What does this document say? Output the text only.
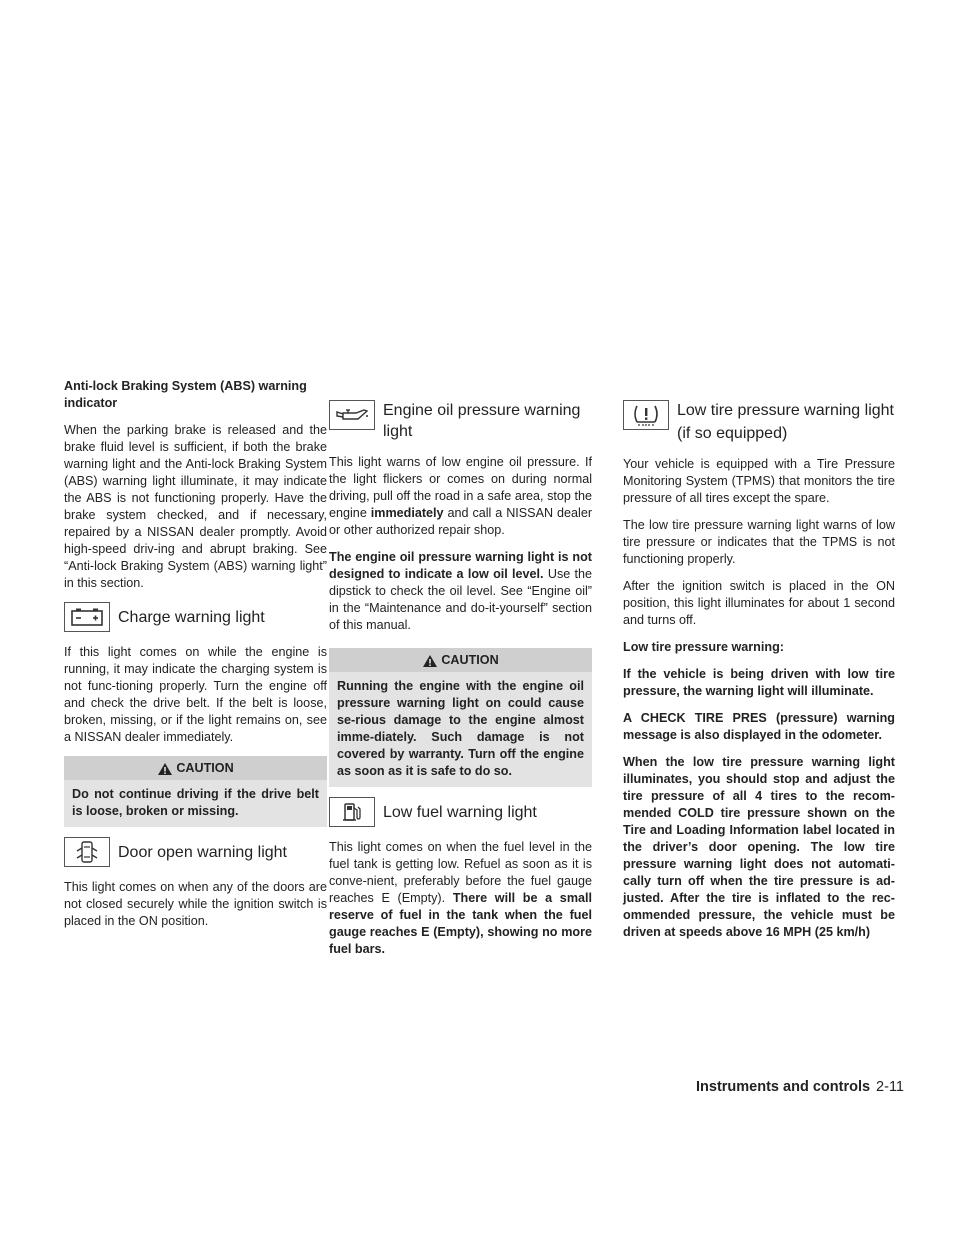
Anti-lock Braking System (ABS) warning indicator

When the parking brake is released and the brake fluid level is sufficient, if both the brake warning light and the Anti-lock Braking System (ABS) warning light illuminate, it may indicate the ABS is not functioning properly. Have the brake system checked, and if necessary, repaired by a NISSAN dealer promptly. Avoid high-speed driv-ing and abrupt braking. See “Anti-lock Braking System (ABS) warning light” in this section.

Charge warning light

If this light comes on while the engine is running, it may indicate the charging system is not func-tioning properly. Turn the engine off and check the drive belt. If the belt is loose, broken, missing, or if the light remains on, see a NISSAN dealer immediately.

CAUTION
Do not continue driving if the drive belt is loose, broken or missing.
Door open warning light

This light comes on when any of the doors are not closed securely while the ignition switch is placed in the ON position.

Engine oil pressure warning light

This light warns of low engine oil pressure. If the light flickers or comes on during normal driving, pull off the road in a safe area, stop the engine immediately and call a NISSAN dealer or other authorized repair shop.

The engine oil pressure warning light is not designed to indicate a low oil level. Use the dipstick to check the oil level. See “Engine oil” in the “Maintenance and do-it-yourself” section of this manual.

CAUTION
Running the engine with the engine oil pressure warning light on could cause se-rious damage to the engine almost imme-diately. Such damage is not covered by warranty. Turn off the engine as soon as it is safe to do so.
Low fuel warning light

This light comes on when the fuel level in the fuel tank is getting low. Refuel as soon as it is conve-nient, preferably before the fuel gauge reaches E (Empty). There will be a small reserve of fuel in the tank when the fuel gauge reaches E (Empty), showing no more fuel bars.

Low tire pressure warning light
(if so equipped)

Your vehicle is equipped with a Tire Pressure Monitoring System (TPMS) that monitors the tire pressure of all tires except the spare.

The low tire pressure warning light warns of low tire pressure or indicates that the TPMS is not functioning properly.

After the ignition switch is placed in the ON position, this light illuminates for about 1 second and turns off.

Low tire pressure warning:

If the vehicle is being driven with low tire pressure, the warning light will illuminate.

A CHECK TIRE PRES (pressure) warning message is also displayed in the odometer.

When the low tire pressure warning light illuminates, you should stop and adjust the tire pressure of all 4 tires to the recom-mended COLD tire pressure shown on the Tire and Loading Information label located in the driver’s door opening. The low tire pressure warning light does not automati-cally turn off when the tire pressure is ad-justed. After the tire is inflated to the rec-ommended pressure, the vehicle must be driven at speeds above 16 MPH (25 km/h)

Instruments and controls 2-11
